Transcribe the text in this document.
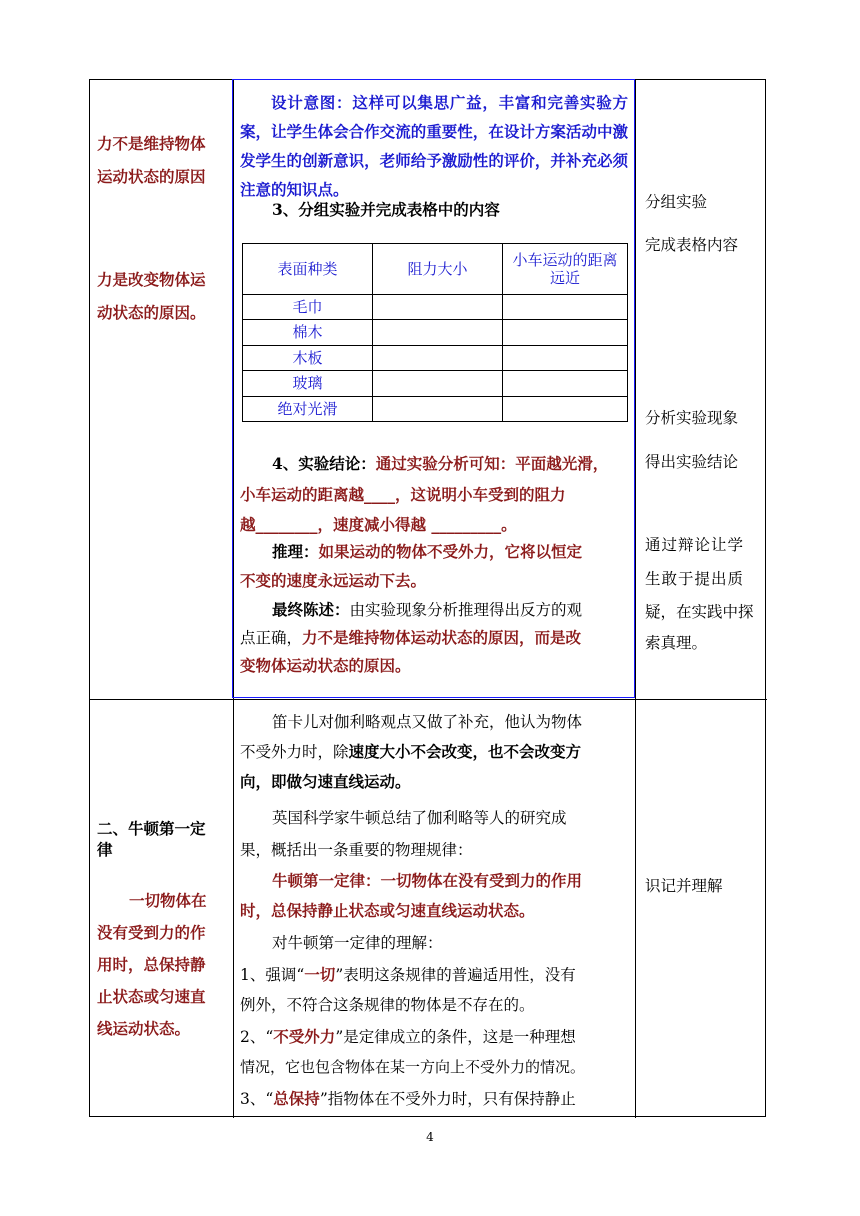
力不是维持物体
运动状态的原因
力是改变物体运
动状态的原因。
二、牛顿第一定
律
一切物体在
没有受到力的作
用时，总保持静
止状态或匀速直
线运动状态。

设计意图：这样可以集思广益，丰富和完善实验方案，让学生体会合作交流的重要性，在设计方案活动中激发学生的创新意识，老师给予激励性的评价，并补充必须注意的知识点。

3、分组实验并完成表格中的内容
表面种类	阻力大小	小车运动的距离远近
毛巾		
棉木		
木板		
玻璃		
绝对光滑		
4、实验结论：通过实验分析可知：平面越光滑，
小车运动的距离越____，这说明小车受到的阻力
越________，速度减小得越 _________。
推理：如果运动的物体不受外力，它将以恒定
不变的速度永远运动下去。
最终陈述：由实验现象分析推理得出反方的观
点正确，力不是维持物体运动状态的原因，而是改
变物体运动状态的原因。
笛卡儿对伽利略观点又做了补充，他认为物体
不受外力时，除速度大小不会改变，也不会改变方
向，即做匀速直线运动。
英国科学家牛顿总结了伽利略等人的研究成
果，概括出一条重要的物理规律：
牛顿第一定律：一切物体在没有受到力的作用
时，总保持静止状态或匀速直线运动状态。
对牛顿第一定律的理解：
1、强调“一切”表明这条规律的普遍适用性，没有
例外，不符合这条规律的物体是不存在的。
2、“不受外力”是定律成立的条件，这是一种理想
情况，它也包含物体在某一方向上不受外力的情况。
3、“总保持”指物体在不受外力时，只有保持静止
分组实验
完成表格内容
分析实验现象
得出实验结论
通过辩论让学
生敢于提出质
疑，在实践中探
索真理。
识记并理解
4
